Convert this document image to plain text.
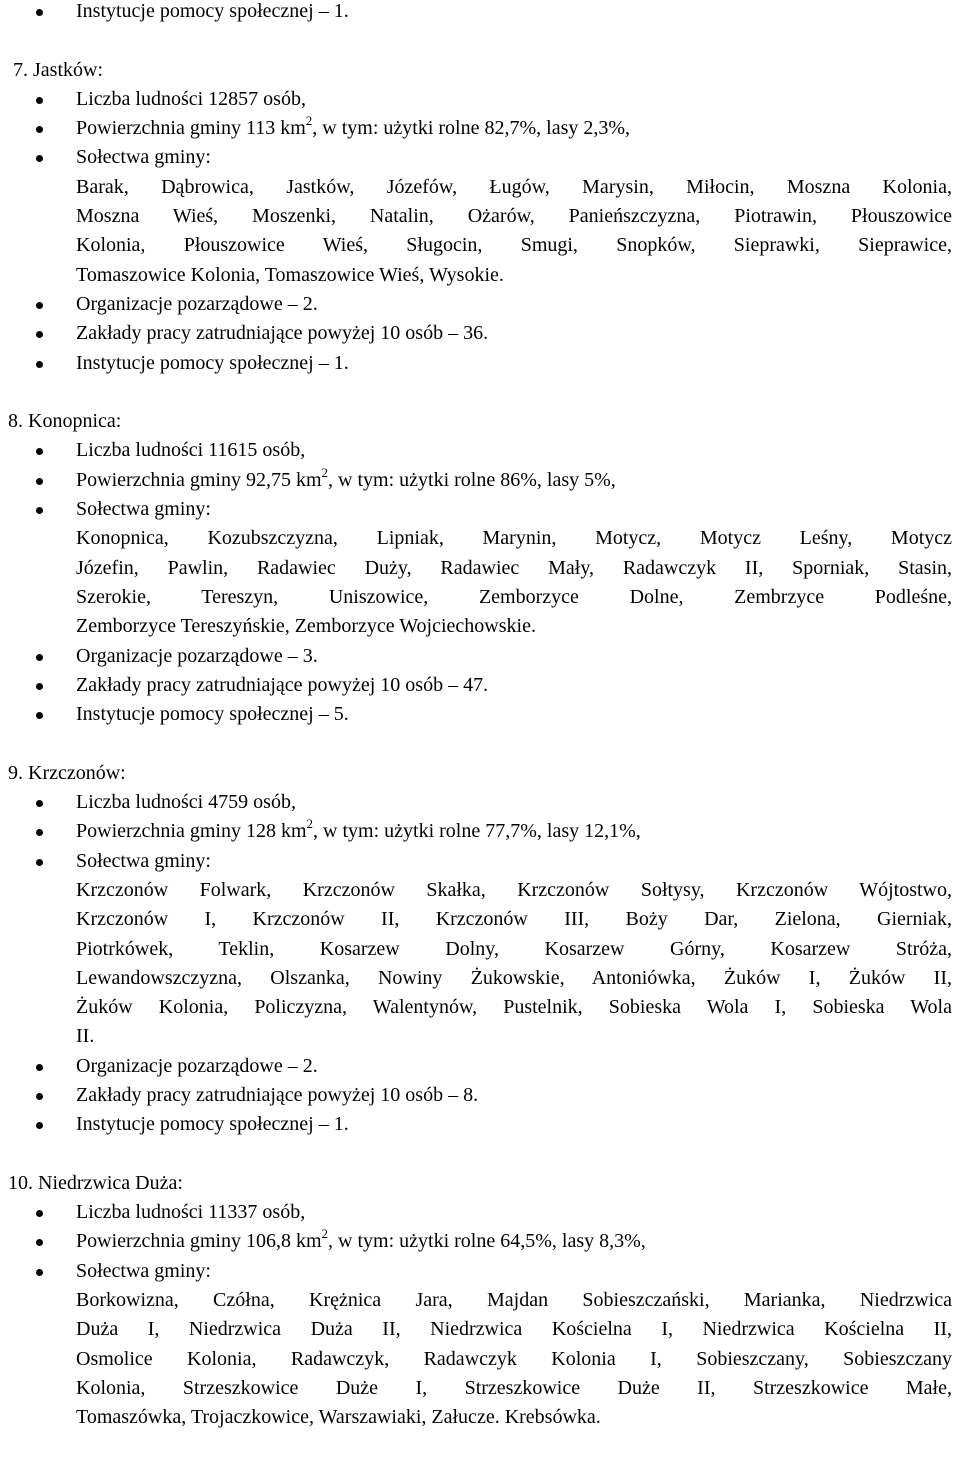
Instytucje pomocy społecznej – 1.
7. Jastków:
Liczba ludności 12857 osób,
Powierzchnia gminy 113 $km^2$, w tym: użytki rolne 82,7%, lasy 2,3%,
Sołectwa gminy:
Barak, Dąbrowica, Jastków, Józefów, Ługów, Marysin, Miłocin, Moszna Kolonia,
Moszna Wieś, Moszenki, Natalin, Ożarów, Panieńszczyzna, Piotrawin, Płouszowice
Kolonia, Płouszowice Wieś, Sługocin, Smugi, Snopków, Sieprawki, Sieprawice,
Tomaszowice Kolonia, Tomaszowice Wieś, Wysokie.
Organizacje pozarządowe – 2.
Zakłady pracy zatrudniające powyżej 10 osób – 36.
Instytucje pomocy społecznej – 1.
8. Konopnica:
Liczba ludności 11615 osób,
Powierzchnia gminy 92,75 $km^2$, w tym: użytki rolne 86%, lasy 5%,
Sołectwa gminy:
Konopnica, Kozubszczyzna, Lipniak, Marynin, Motycz, Motycz Leśny, Motycz
Józefin, Pawlin, Radawiec Duży, Radawiec Mały, Radawczyk II, Sporniak, Stasin,
Szerokie, Tereszyn, Uniszowice, Zemborzyce Dolne, Zembrzyce Podleśne,
Zemborzyce Tereszyńskie, Zemborzyce Wojciechowskie.
Organizacje pozarządowe – 3.
Zakłady pracy zatrudniające powyżej 10 osób – 47.
Instytucje pomocy społecznej – 5.
9. Krzczonów:
Liczba ludności 4759 osób,
Powierzchnia gminy 128 $km^2$, w tym: użytki rolne 77,7%, lasy 12,1%,
Sołectwa gminy:
Krzczonów Folwark, Krzczonów Skałka, Krzczonów Sołtysy, Krzczonów Wójtostwo,
Krzczonów I, Krzczonów II, Krzczonów III, Boży Dar, Zielona, Gierniak,
Piotrkówek, Teklin, Kosarzew Dolny, Kosarzew Górny, Kosarzew Stróża,
Lewandowszczyzna, Olszanka, Nowiny Żukowskie, Antoniówka, Żuków I, Żuków II,
Żuków Kolonia, Policzyzna, Walentynów, Pustelnik, Sobieska Wola I, Sobieska Wola
II.
Organizacje pozarządowe – 2.
Zakłady pracy zatrudniające powyżej 10 osób – 8.
Instytucje pomocy społecznej – 1.
10. Niedrzwica Duża:
Liczba ludności 11337 osób,
Powierzchnia gminy 106,8 $km^2$, w tym: użytki rolne 64,5%, lasy 8,3%,
Sołectwa gminy:
Borkowizna, Czółna, Krężnica Jara, Majdan Sobieszczański, Marianka, Niedrzwica
Duża I, Niedrzwica Duża II, Niedrzwica Kościelna I, Niedrzwica Kościelna II,
Osmolice Kolonia, Radawczyk, Radawczyk Kolonia I, Sobieszczany, Sobieszczany
Kolonia, Strzeszkowice Duże I, Strzeszkowice Duże II, Strzeszkowice Małe,
Tomaszówka, Trojaczkowice, Warszawiaki, Załucze. Krebsówka.
